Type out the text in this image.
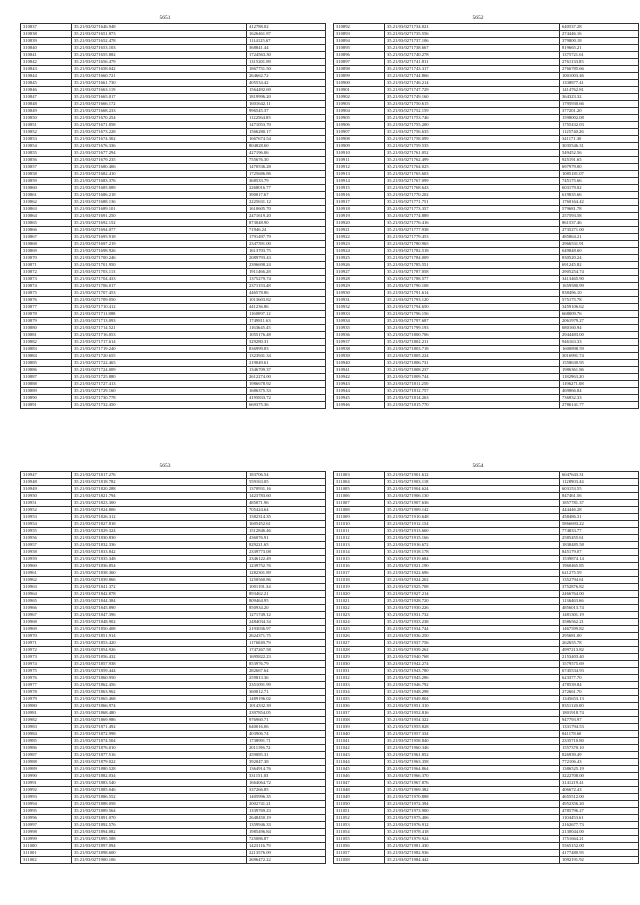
5651
310837	35.21/03/0271646.948	412788.02
310838	35.21/03/0271651.873	1626461.87
310839	35.21/03/0271652.478	1114125.67
310840	35.21/03/0271653.103	368841.44
310841	35.21/03/0271655.882	1724563.30
310842	35.21/03/0271656.479	1315201.89
310843	35.21/03/0271658.042	1867751.50
310844	35.21/03/0271660.721	264662.72
310845	35.21/03/0271661.730	405534.42
310846	35.21/03/0271663.119	1564492.69
310847	35.21/03/0271665.017	1819996.20
310848	35.21/03/0271666.172	1601642.11
310849	35.21/03/0271668.233	996545.37
310850	35.21/03/0271670.254	1122564.85
310851	35.21/03/0271671.058	1471053.70
310852	35.21/03/0271673.228	1566280.17
310853	35.21/03/0271674.302	1667674.54
310854	35.21/03/0271676.336	804828.60
310855	35.21/03/0271677.294	427196.06
310856	35.21/03/0271679.235	755676.30
310857	35.21/03/0271680.406	1470536.28
310858	35.21/03/0271682.410	1725686.86
310859	35.21/03/0271683.376	368533.79
310860	35.21/03/0271685.089	2268016.77
310861	35.21/03/0271686.218	390017.67
310862	35.21/03/0271688.136	2225631.12
310863	35.21/03/0271689.101	1610605.70
310864	35.21/03/0271691.250	2471619.20
310865	35.21/03/0271692.152	873048.90
310866	35.21/03/0271694.077	71946.24
310867	35.21/03/0271695.918	1791497.79
310868	35.21/03/0271697.219	2347391.00
310869	35.21/03/0271698.926	1613703.75
310870	35.21/03/0271700.246	2089793.43
310871	35.21/03/0271701.950	2396698.24
310872	35.21/03/0271703.113	1911466.28
310873	35.21/03/0271704.433	1375279.74
310874	35.21/03/0271706.017	2371153.48
310875	35.21/03/0271707.453	446578.86
310876	35.21/03/0271709.050	1013603.82
310877	35.21/03/0271710.412	441236.86
310878	35.21/03/0271711.888	1160097.12
310879	35.21/03/0271713.093	1749811.63
310880	35.21/03/0271714.521	1163645.45
310881	35.21/03/0271716.053	1055176.48
310882	35.21/03/0271717.614	329280.31
310883	35.21/03/0271719.240	836999.83
310884	35.21/03/0271720.655	1323941.34
310885	35.21/03/0271722.465	219049.61
310886	35.21/03/0271724.009	1346709.37
310887	35.21/03/0271725.880	2612274.00
310888	35.21/03/0271727.413	1986678.92
310889	35.21/03/0271729.160	1686375.33
310890	35.21/03/0271730.778	4195833.72
310891	35.21/03/0271732.450	669375.36
5652
310892	35.21/03/0271734.021	640537.28
310893	35.21/03/0271735.556	274446.16
310894	35.21/03/0271737.106	379800.18
310895	35.21/03/0271738.667	819665.21
310896	35.21/03/0271740.278	1375721.61
310897	35.21/03/0271741.811	2761133.85
310898	35.21/03/0271743.317	2766785.66
310899	35.21/03/0271744.866	1001003.46
310900	35.21/03/0271746.214	1338877.41
310901	35.21/03/0271747.729	1414762.81
310902	35.21/03/0271749.160	364323.32
310903	35.21/03/0271750.615	1795930.66
310904	35.21/03/0271752.159	377201.20
310905	35.21/03/0271753.746	1598002.08
310906	35.21/03/0271755.200	1755432.03
310907	35.21/03/0271756.635	1125740.26
310908	35.21/03/0271758.099	341171.30
310909	35.21/03/0271759.535	3035546.31
310910	35.21/03/0271761.052	549452.56
310911	35.21/03/0271762.499	925191.65
310912	35.21/03/0271764.025	697979.00
310913	35.21/03/0271765.603	1085181.07
310914	35.21/03/0271767.099	745175.66
310915	35.21/03/0271768.643	603179.02
310916	35.21/03/0271770.202	619835.66
310917	35.21/03/0271771.751	1760164.42
310918	35.21/03/0271773.357	579681.78
310919	35.21/03/0271774.889	257593.58
310920	35.21/03/0271776.416	861537.46
310921	35.21/03/0271777.938	2735271.00
310922	35.21/03/0271779.453	485864.21
310923	35.21/03/0271780.965	2966531.91
310924	35.21/03/0271782.518	649848.60
310925	35.21/03/0271784.009	830520.24
310926	35.21/03/0271785.551	691245.82
310927	35.21/03/0271787.058	2905254.74
310928	35.21/03/0271788.577	3413465.90
310929	35.21/03/0271790.108	1659580.99
310930	35.21/03/0271791.614	838496.10
310931	35.21/03/0271793.120	575175.78
310932	35.21/03/0271794.650	3459106.62
310933	35.21/03/0271796.156	668009.76
310934	35.21/03/0271797.687	2061979.27
310935	35.21/03/0271799.193	680160.94
310936	35.21/03/0271800.706	2944483.00
310937	35.21/03/0271802.211	946163.33
310938	35.21/03/0271803.718	1600898.59
310939	35.21/03/0271805.224	3016991.74
310940	35.21/03/0271806.731	1558630.95
310941	35.21/03/0271808.237	1986361.86
310942	35.21/03/0271809.744	1182963.20
310943	35.21/03/0271811.250	1196271.08
310944	35.21/03/0271812.757	469866.84
310945	35.21/03/0271814.263	736832.33
310946	35.21/03/0271815.770	2786141.77
5653
310947	35.21/03/0271817.276	183706.54
310948	35.21/03/0271818.782	559163.05
310949	35.21/03/0271820.288	1370931.16
310950	35.21/03/0271821.794	1423783.60
310951	35.21/03/0271823.300	485871.96
310952	35.21/03/0271824.806	705424.64
310953	35.21/03/0271826.312	1582314.35
310954	35.21/03/0271827.818	1605452.61
310955	35.21/03/0271829.324	1512846.46
310956	35.21/03/0271830.830	436076.91
310957	35.21/03/0271832.336	829221.65
310958	35.21/03/0271833.842	2339773.08
310959	35.21/03/0271835.348	2346122.49
310960	35.21/03/0271836.854	1239752.76
310961	35.21/03/0271838.360	1282301.89
310962	35.21/03/0271839.866	1250560.86
310963	35.21/03/0271841.372	1001191.34
310964	35.21/03/0271842.878	893462.21
310965	35.21/03/0271844.384	809464.95
310966	35.21/03/0271845.890	850934.20
310967	35.21/03/0271847.396	1271749.12
310968	35.21/03/0271848.902	2484034.34
310969	35.21/03/0271850.408	2193036.97
310970	35.21/03/0271851.914	2624371.75
310971	35.21/03/0271853.420	1176049.79
310972	35.21/03/0271854.926	1747267.58
310973	35.21/03/0271856.432	1695822.23
310974	35.21/03/0271857.938	853976.79
310975	35.21/03/0271859.444	282667.64
310976	35.21/03/0271860.950	259813.36
310977	35.21/03/0271862.456	2351091.99
310978	35.21/03/0271863.962	360012.71
310979	35.21/03/0271865.468	1489196.02
310980	35.21/03/0271866.974	1014332.39
310981	35.21/03/0271868.480	2397854.05
310982	35.21/03/0271869.986	976960.71
310983	35.21/03/0271871.492	640016.06
310984	35.21/03/0271872.998	403906.74
310985	35.21/03/0271874.504	1738991.71
310986	35.21/03/0271876.010	2011196.72
310987	35.21/03/0271877.516	459085.31
310988	35.21/03/0271879.022	392047.38
310989	35.21/03/0271880.528	1364914.76
310990	35.21/03/0271882.034	331151.03
310991	35.21/03/0271883.540	1664064.72
310992	35.21/03/0271885.046	337266.85
310993	35.21/03/0271886.552	1405996.35
310994	35.21/03/0271888.058	2002741.21
310995	35.21/03/0271889.564	1339769.23
310996	35.21/03/0271891.070	2648450.19
310997	35.21/03/0271892.576	1359946.33
310998	35.21/03/0271894.082	1985496.84
310999	35.21/03/0271895.588	725086.87
311000	35.21/03/0271897.094	1423116.79
311001	35.21/03/0271898.600	2213576.09
311002	35.21/03/0271900.106	2696472.22
5654
311003	35.21/03/0271901.612	6047643.31
311004	35.21/03/0271903.118	1128903.44
311005	35.21/03/0271904.624	603153.55
311006	35.21/03/0271906.130	847461.56
311007	35.21/03/0271907.636	1857781.37
311008	35.21/03/0271909.142	444446.28
311009	35.21/03/0271910.648	458486.31
311010	35.21/03/0271912.154	5866693.22
311011	35.21/03/0271913.660	774833.77
311012	35.21/03/0271915.166	2585455.61
311013	35.21/03/0271916.672	1838485.58
311014	35.21/03/0271918.178	845179.07
311015	35.21/03/0271919.684	1539874.14
311016	35.21/03/0271921.190	1960465.85
311017	35.21/03/0271922.696	621275.59
311018	35.21/03/0271924.202	1352794.61
311019	35.21/03/0271925.708	3752876.82
311020	35.21/03/0271927.214	2466764.00
311021	35.21/03/0271928.720	1136463.66
311022	35.21/03/0271930.226	4856013.74
311023	35.21/03/0271931.732	1481301.19
311024	35.21/03/0271933.238	3586562.21
311025	35.21/03/0271934.744	1467599.82
311026	35.21/03/0271936.250	295681.00
311027	35.21/03/0271937.756	262655.78
311028	35.21/03/0271939.262	4997213.82
311029	35.21/03/0271940.768	2153403.40
311030	35.21/03/0271942.274	1579575.69
311031	35.21/03/0271943.780	6745534.93
311032	35.21/03/0271945.286	623377.70
311033	35.21/03/0271946.792	478539.84
311034	35.21/03/0271948.298	272661.70
311035	35.21/03/0271949.804	1345653.13
311036	35.21/03/0271951.310	8351120.00
311037	35.21/03/0271952.816	1801918.74
311038	35.21/03/0271954.322	947793.97
311039	35.21/03/0271955.828	1331794.53
311040	35.21/03/0271957.334	841178.60
311041	35.21/03/0271958.840	2335710.80
311042	35.21/03/0271960.346	1557370.10
311043	35.21/03/0271961.852	826939.49
311044	35.21/03/0271963.358	772106.43
311045	35.21/03/0271964.864	1386525.19
311046	35.21/03/0271966.370	3222708.00
311047	35.21/03/0271967.876	3141219.41
311048	35.21/03/0271969.382	406672.43
311049	35.21/03/0271970.888	4655512.00
311050	35.21/03/0271972.394	4952356.20
311051	35.21/03/0271973.900	4785796.27
311052	35.21/03/0271975.406	1104453.61
311053	35.21/03/0271976.912	2162677.73
311054	35.21/03/0271978.418	2130044.00
311055	35.21/03/0271979.924	1751664.21
311056	35.21/03/0271981.430	5565152.00
311057	35.21/03/0271982.936	4177480.95
311058	35.21/03/0271984.442	1092191.92
